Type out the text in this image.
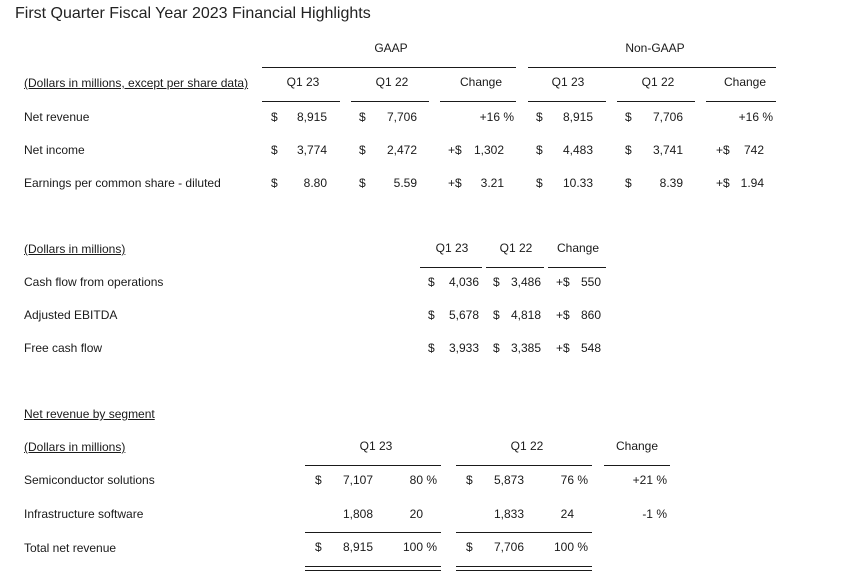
First Quarter Fiscal Year 2023 Financial Highlights
GAAP	Non-GAAP
(Dollars in millions, except per share data)	Q1 23	Q1 22	Change	Q1 23	Q1 22	Change
Net revenue	$ 8,915	$ 7,706	+16 % $ 8,915	$ 7,706	+16 %
Net income	$ 3,774	$ 2,472	+$ 1,302	$ 4,483	$ 3,741	+$ 742
Earnings per common share - diluted	$ 8.80	$ 5.59	+$ 3.21	$ 10.33	$ 8.39	+$ 1.94
(Dollars in millions)	Q1 23	Q1 22 Change
Cash flow from operations	$ 4,036 $ 3,486 +$ 550
Adjusted EBITDA	$ 5,678 $ 4,818 +$ 860
Free cash flow	$ 3,933 $ 3,385 +$ 548
Net revenue by segment
(Dollars in millions)	Q1 23	Q1 22	Change
Semiconductor solutions	$ 7,107	80 % $ 5,873	76 %	+21 %
Infrastructure software	1,808	20	1,833	24	-1 %
Total net revenue	$ 8,915 100 % $ 7,706 100 %
